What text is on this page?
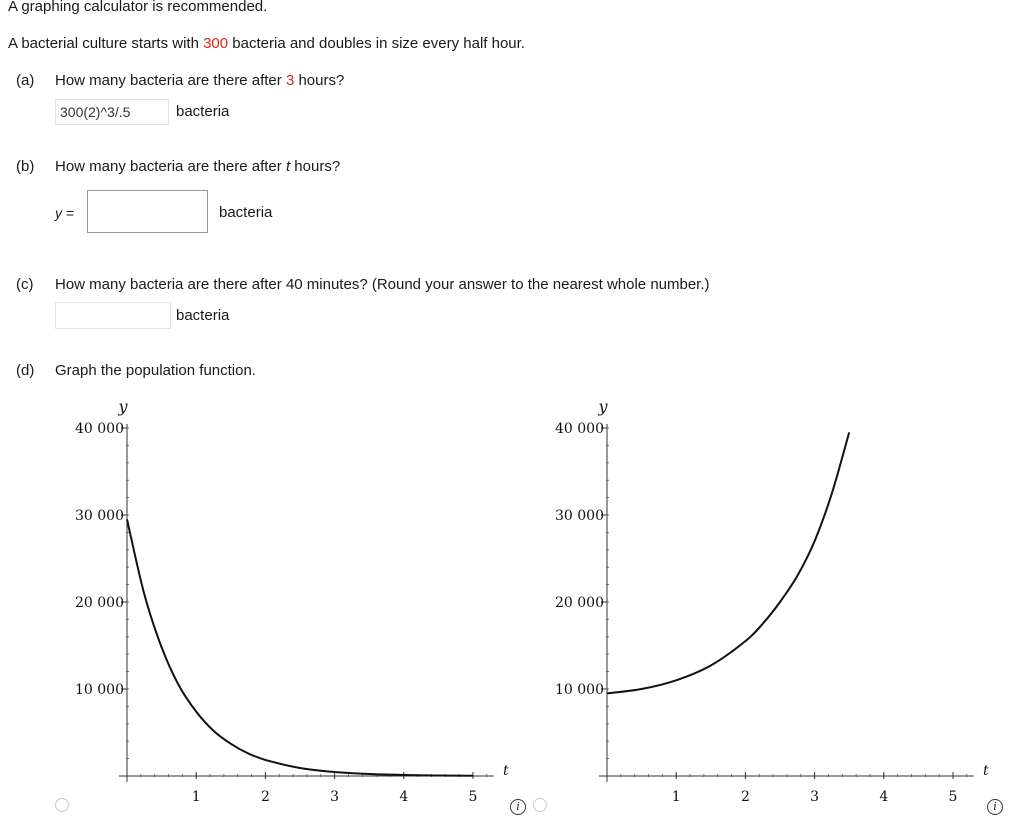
A graphing calculator is recommended.
A bacterial culture starts with 300 bacteria and doubles in size every half hour.
(a) How many bacteria are there after 3 hours?
300(2)^3/.5
bacteria
(b) How many bacteria are there after t hours?
y =	bacteria
(c) How many bacteria are there after 40 minutes? (Round your answer to the nearest whole number.)
bacteria
(d) Graph the population function.
1	2	3	4	5
10 000
20 000
30 000
40 000
y
t
1	2	3	4	5
10 000
20 000
30 000
40 000
y
t
i	i
